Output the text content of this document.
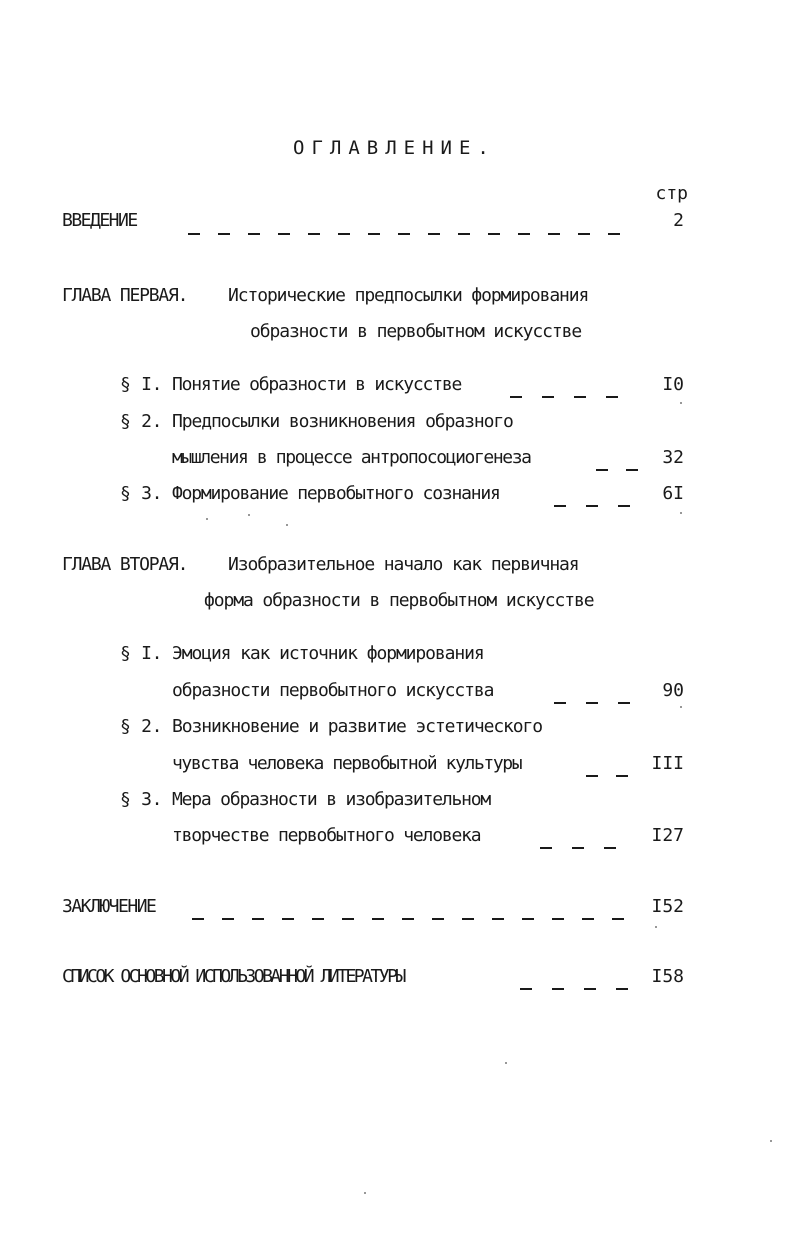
ОГЛАВЛЕНИЕ.
стр
ВВЕДЕНИЕ	2
ГЛАВА ПЕРВАЯ. Исторические предпосылки формирования
образности в первобытном искусстве
§ I. Понятие образности в искусстве	I0
§ 2. Предпосылки возникновения образного
мышления в процессе антропосоциогенеза	32
§ 3. Формирование первобытного сознания	6I
ГЛАВА ВТОРАЯ. Изобразительное начало как первичная
форма образности в первобытном искусстве
§ I. Эмоция как источник формирования
образности первобытного искусства	90
§ 2. Возникновение и развитие эстетического
чувства человека первобытной культуры	III
§ 3. Мера образности в изобразительном
творчестве первобытного человека	I27
ЗАКЛЮЧЕНИЕ	I52
СПИСОК ОСНОВНОЙ ИСПОЛЬЗОВАННОЙ ЛИТЕРАТУРЫ	I58
